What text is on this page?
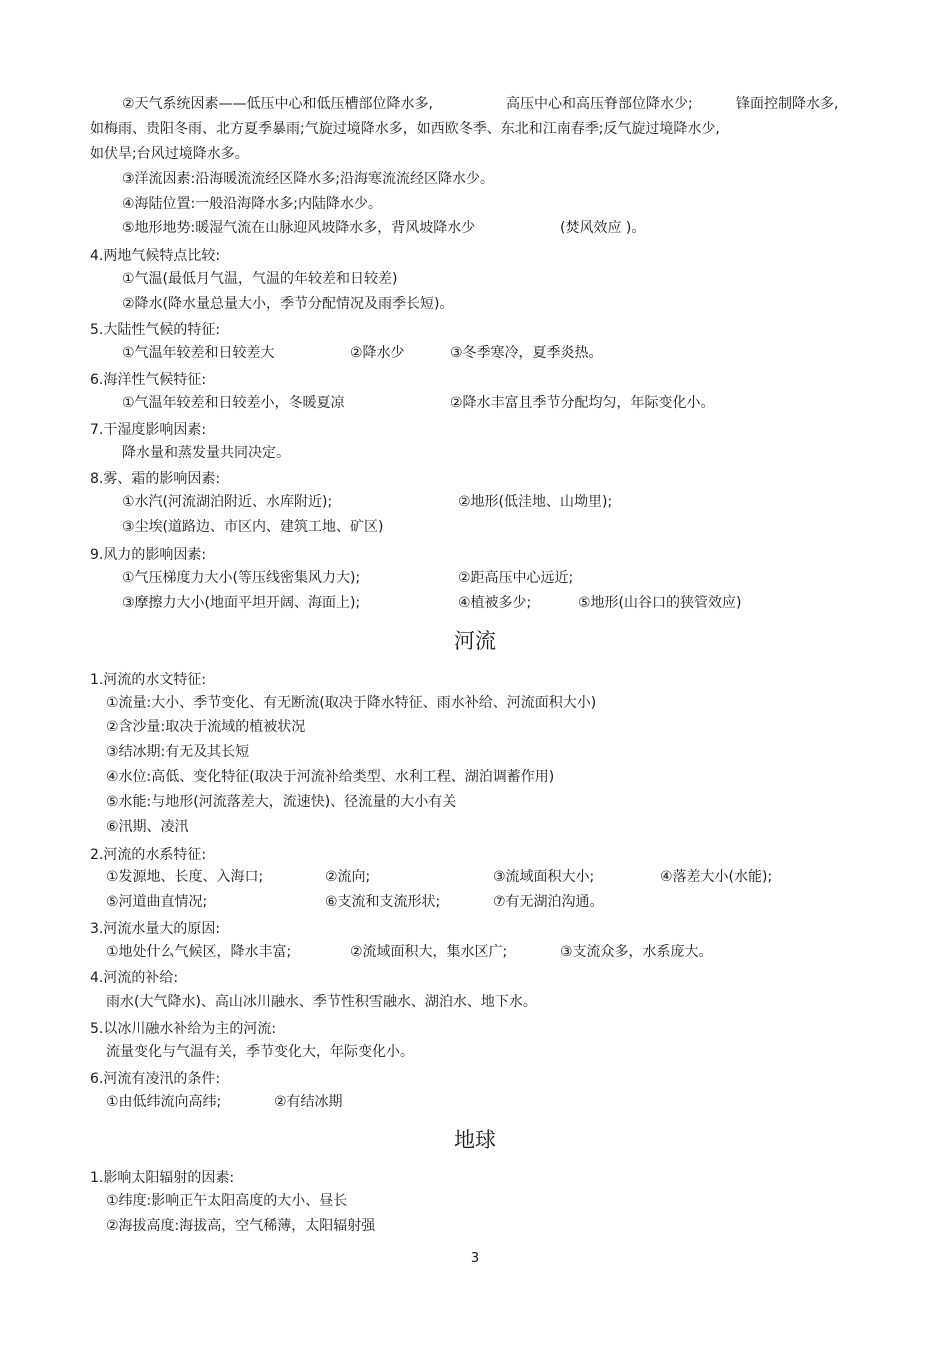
②天气系统因素——低压中心和低压槽部位降水多,	高压中心和高压脊部位降水少;	锋面控制降水多,
如梅雨、贵阳冬雨、北方夏季暴雨;气旋过境降水多，如西欧冬季、东北和江南春季;反气旋过境降水少,
如伏旱;台风过境降水多。
③洋流因素:沿海暖流流经区降水多;沿海寒流流经区降水少。
④海陆位置:一般沿海降水多;内陆降水少。
⑤地形地势:暖湿气流在山脉迎风坡降水多，背风坡降水少	(焚风效应 )。
4.两地气候特点比较:
①气温(最低月气温，气温的年较差和日较差)
②降水(降水量总量大小，季节分配情况及雨季长短)。
5.大陆性气候的特征:
①气温年较差和日较差大	②降水少	③冬季寒冷，夏季炎热。
6.海洋性气候特征:
①气温年较差和日较差小，冬暖夏凉	②降水丰富且季节分配均匀，年际变化小。
7.干湿度影响因素:
降水量和蒸发量共同决定。
8.雾、霜的影响因素:
①水汽(河流湖泊附近、水库附近);	②地形(低洼地、山坳里);
③尘埃(道路边、市区内、建筑工地、矿区)
9.风力的影响因素:
①气压梯度力大小(等压线密集风力大);	②距高压中心远近;
③摩擦力大小(地面平坦开阔、海面上);	④植被多少;	⑤地形(山谷口的狭管效应)
河流
1.河流的水文特征:
①流量:大小、季节变化、有无断流(取决于降水特征、雨水补给、河流面积大小)
②含沙量:取决于流域的植被状况
③结冰期:有无及其长短
④水位:高低、变化特征(取决于河流补给类型、水利工程、湖泊调蓄作用)
⑤水能:与地形(河流落差大，流速快)、径流量的大小有关
⑥汛期、凌汛
2.河流的水系特征:
①发源地、长度、入海口;	②流向;	③流域面积大小;	④落差大小(水能);
⑤河道曲直情况;	⑥支流和支流形状;	⑦有无湖泊沟通。
3.河流水量大的原因:
①地处什么气候区，降水丰富;	②流域面积大，集水区广;	③支流众多，水系庞大。
4.河流的补给:
雨水(大气降水)、高山冰川融水、季节性积雪融水、湖泊水、地下水。
5.以冰川融水补给为主的河流:
流量变化与气温有关，季节变化大，年际变化小。
6.河流有凌汛的条件:
①由低纬流向高纬;	②有结冰期
地球
1.影响太阳辐射的因素:
①纬度:影响正午太阳高度的大小、昼长
②海拔高度:海拔高，空气稀薄，太阳辐射强
3
